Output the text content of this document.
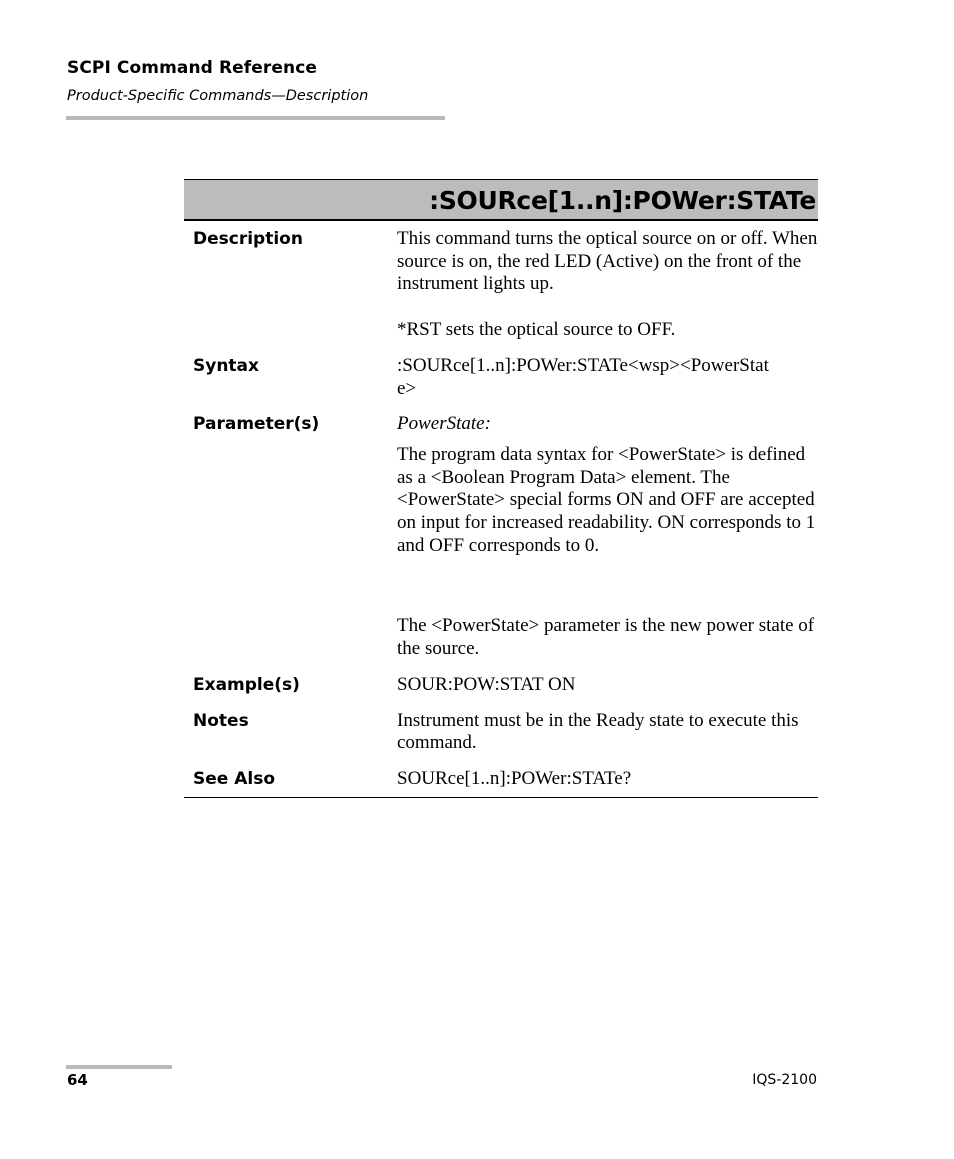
SCPI Command Reference
Product-Specific Commands—Description
:SOURce[1..n]:POWer:STATe
Description	This command turns the optical source on or off. When source is on, the red LED (Active) on the front of the instrument lights up.

*RST sets the optical source to OFF.

Syntax	:SOURce[1..n]:POWer:STATe<wsp><PowerStat

e>

Parameter(s)	PowerState:

The program data syntax for <PowerState> is defined as a <Boolean Program Data> element. The <PowerState> special forms ON and OFF are accepted on input for increased readability. ON corresponds to 1 and OFF corresponds to 0.

The <PowerState> parameter is the new power state of the source.

Example(s)	SOUR:POW:STAT ON

Notes	Instrument must be in the Ready state to execute this command.

See Also	SOURce[1..n]:POWer:STATe?

64	IQS-2100
